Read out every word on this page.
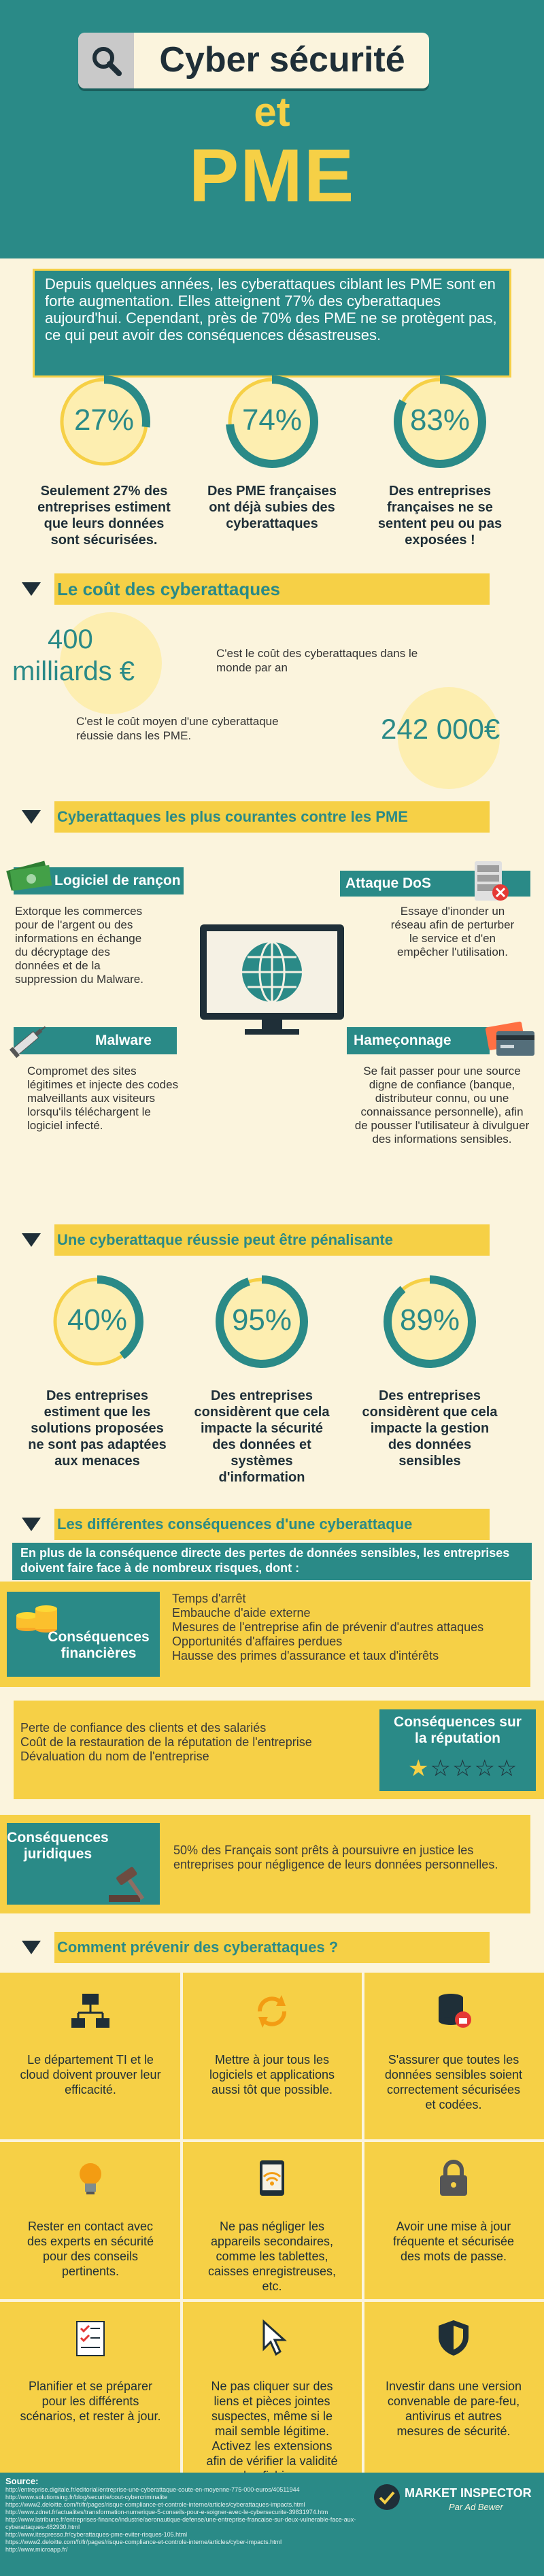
Cyber sécurité
et
PME
Depuis quelques années, les cyberattaques ciblant les PME sont en forte augmentation. Elles atteignent 77% des cyberattaques aujourd'hui. Cependant, près de 70% des PME ne se protègent pas, ce qui peut avoir des conséquences désastreuses.
27%	74%	83%
Seulement 27% des entreprises estiment que leurs données sont sécurisées.
Des PME françaises ont déjà subies des cyberattaques
Des entreprises françaises ne se sentent peu ou pas exposées !
Le coût des cyberattaques
400
milliards €
C'est le coût des cyberattaques dans le monde par an
C'est le coût moyen d'une cyberattaque réussie dans les PME.	242 000€
Cyberattaques les plus courantes contre les PME
Logiciel de rançon
Extorque les commerces pour de l'argent ou des informations en échange du décryptage des données et de la suppression du Malware.
Attaque DoS
Essaye d'inonder un réseau afin de perturber le service et d'en empêcher l'utilisation.
Malware
Compromet des sites légitimes et injecte des codes malveillants aux visiteurs lorsqu'ils téléchargent le logiciel infecté.
Hameçonnage
Se fait passer pour une source digne de confiance (banque, distributeur connu, ou une connaissance personnelle), afin de pousser l'utilisateur à divulguer des informations sensibles.
Une cyberattaque réussie peut être pénalisante
40%	95%	89%
Des entreprises estiment que les solutions proposées ne sont pas adaptées aux menaces
Des entreprises considèrent que cela impacte la sécurité des données et systèmes d'information
Des entreprises considèrent que cela impacte la gestion des données sensibles
Les différentes conséquences d'une cyberattaque
En plus de la conséquence directe des pertes de données sensibles, les entreprises doivent faire face à de nombreux risques, dont :
Conséquences financières
Temps d'arrêt
Embauche d'aide externe
Mesures de l'entreprise afin de prévenir d'autres attaques
Opportunités d'affaires perdues
Hausse des primes d'assurance et taux d'intérêts
Perte de confiance des clients et des salariés
Coût de la restauration de la réputation de l'entreprise
Dévaluation du nom de l'entreprise
Conséquences sur la réputation
★☆☆☆☆
Conséquences juridiques	50% des Français sont prêts à poursuivre en justice les entreprises pour négligence de leurs données personnelles.
Comment prévenir des cyberattaques ?
Le département TI et le cloud doivent prouver leur efficacité.
Mettre à jour tous les logiciels et applications aussi tôt que possible.
S'assurer que toutes les données sensibles soient correctement sécurisées et codées.
Rester en contact avec des experts en sécurité pour des conseils pertinents.
Ne pas négliger les appareils secondaires, comme les tablettes, caisses enregistreuses, etc.
Avoir une mise à jour fréquente et sécurisée des mots de passe.
Planifier et se préparer pour les différents scénarios, et rester à jour.
Ne pas cliquer sur des liens et pièces jointes suspectes, même si le mail semble légitime. Activez les extensions afin de vérifier la validité
Investir dans une version convenable de pare-feu, antivirus et autres mesures de sécurité.
Source:
http://entreprise.digitale.fr/editorial/entreprise-une-cyberattaque-coute-en-moyenne-775-000-euros/40511944
http://www.solutionsing.fr/blog/securite/cout-cybercriminalite
https://www2.deloitte.com/fr/fr/pages/risque-compliance-et-controle-interne/articles/cyberattaques-impacts.html
http://www.zdnet.fr/actualites/transformation-numerique-5-conseils-pour-e-soigner-avec-le-cybersecurite-39831974.htm
http://www.latribune.fr/entreprises-finance/industrie/aeronautique-defense/une-entreprise-francaise-sur-deux-vulnerable-face-aux-cyberattaques-482930.html
http://www.itespresso.fr/cyberattaques-pme-eviter-risques-105.html
https://www2.deloitte.com/fr/fr/pages/risque-compliance-et-controle-interne/articles/cyber-impacts.html
http://www.microapp.fr/
MARKET INSPECTOR
Par Ad Bewer
